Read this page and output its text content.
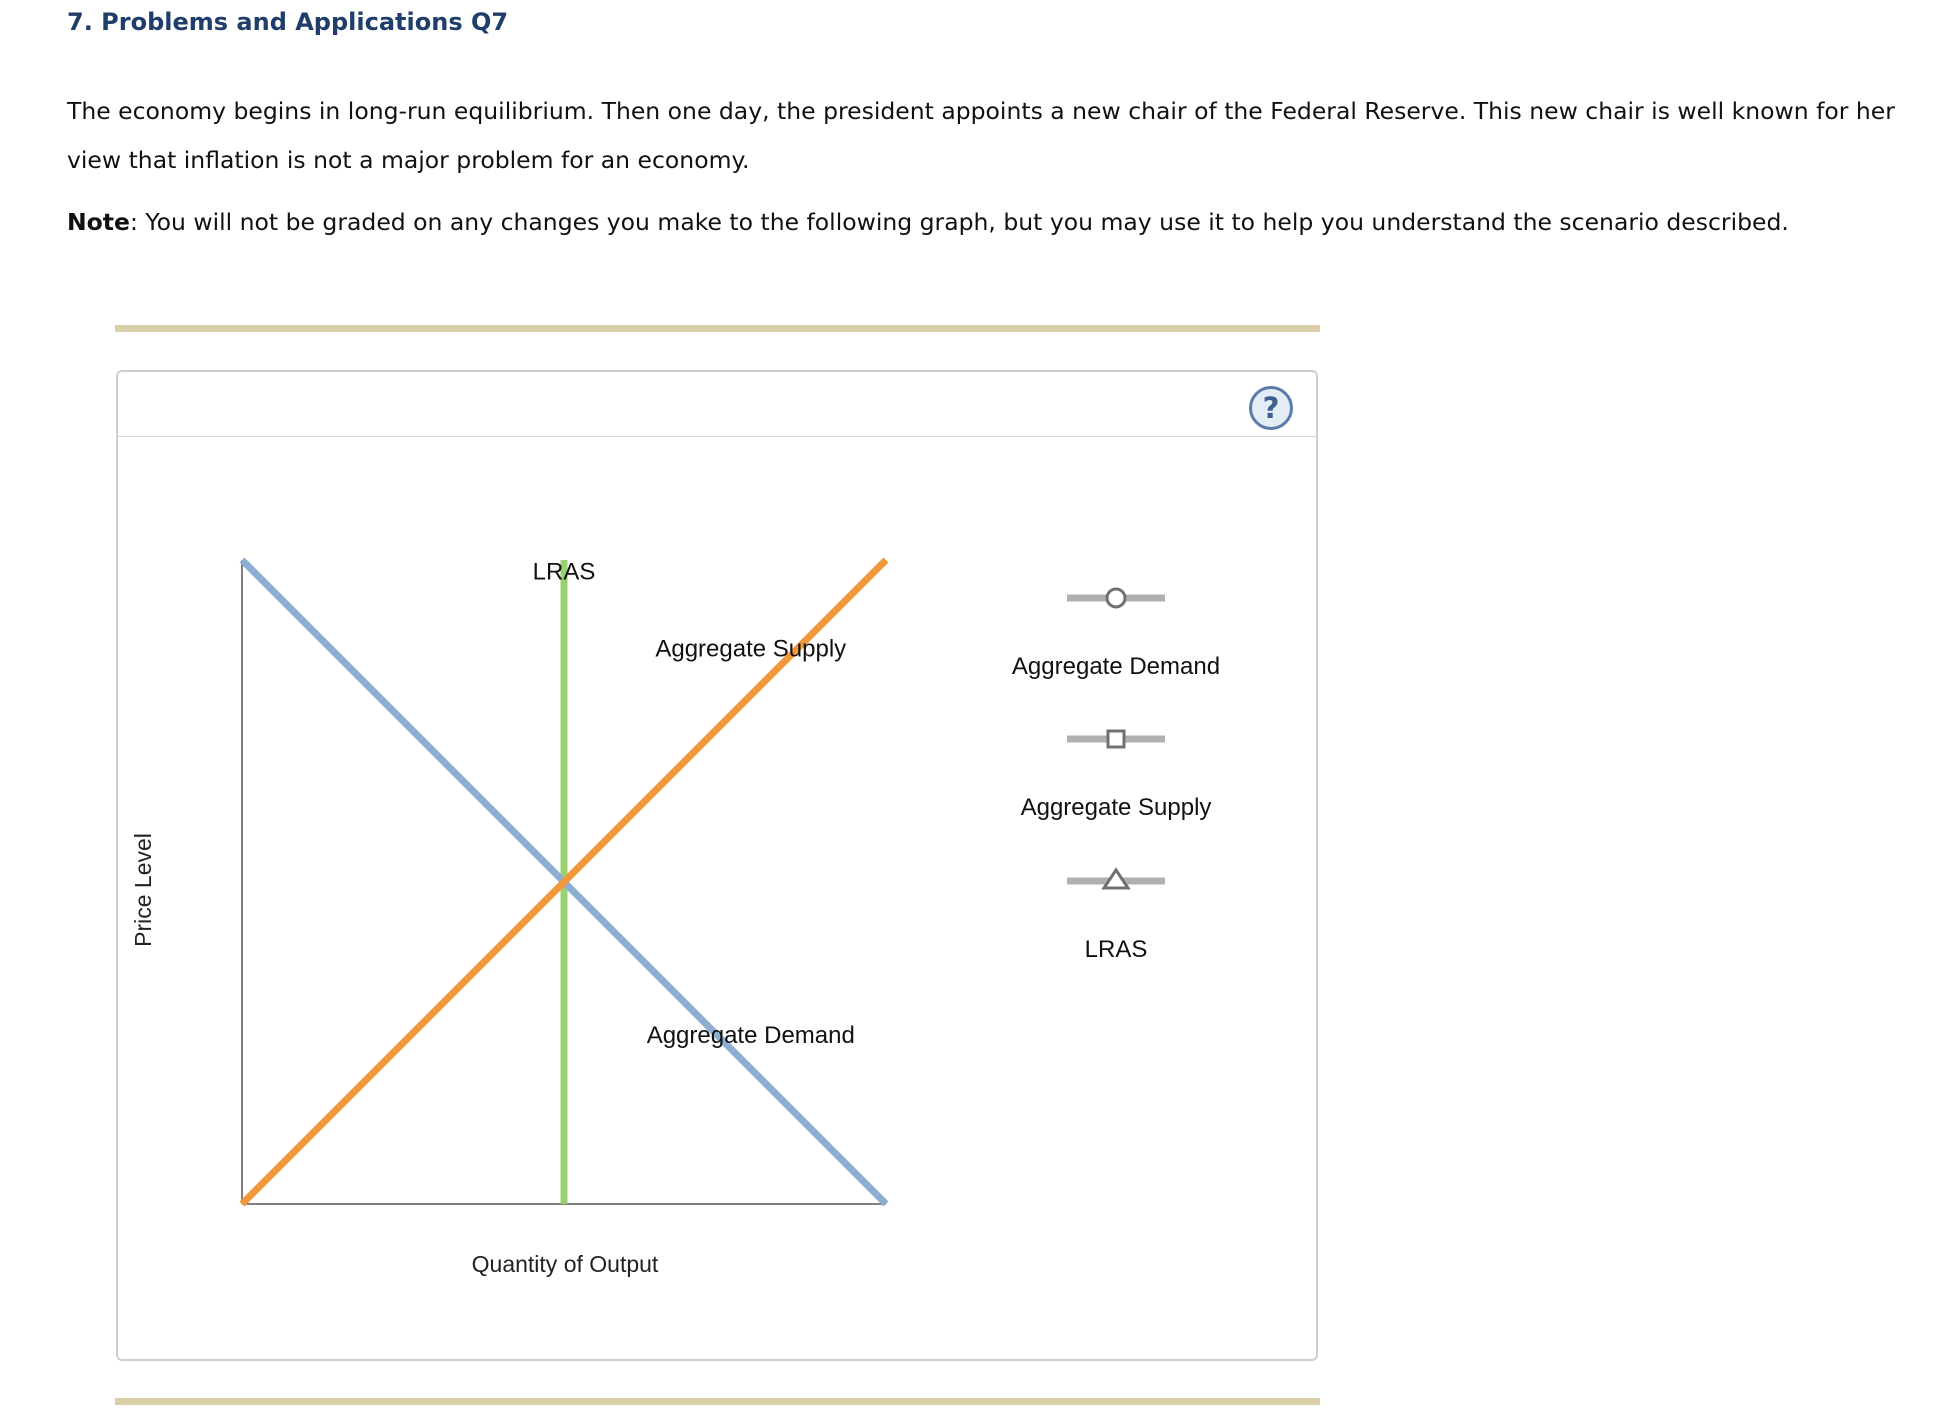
7. Problems and Applications Q7

The economy begins in long-run equilibrium. Then one day, the president appoints a new chair of the Federal Reserve. This new chair is well known for her view that inflation is not a major problem for an economy.

Note: You will not be graded on any changes you make to the following graph, but you may use it to help you understand the scenario described.

?
LRAS
Aggregate Supply
Aggregate Demand
Quantity of Output
Price Level
Aggregate Demand
Aggregate Supply
LRAS
